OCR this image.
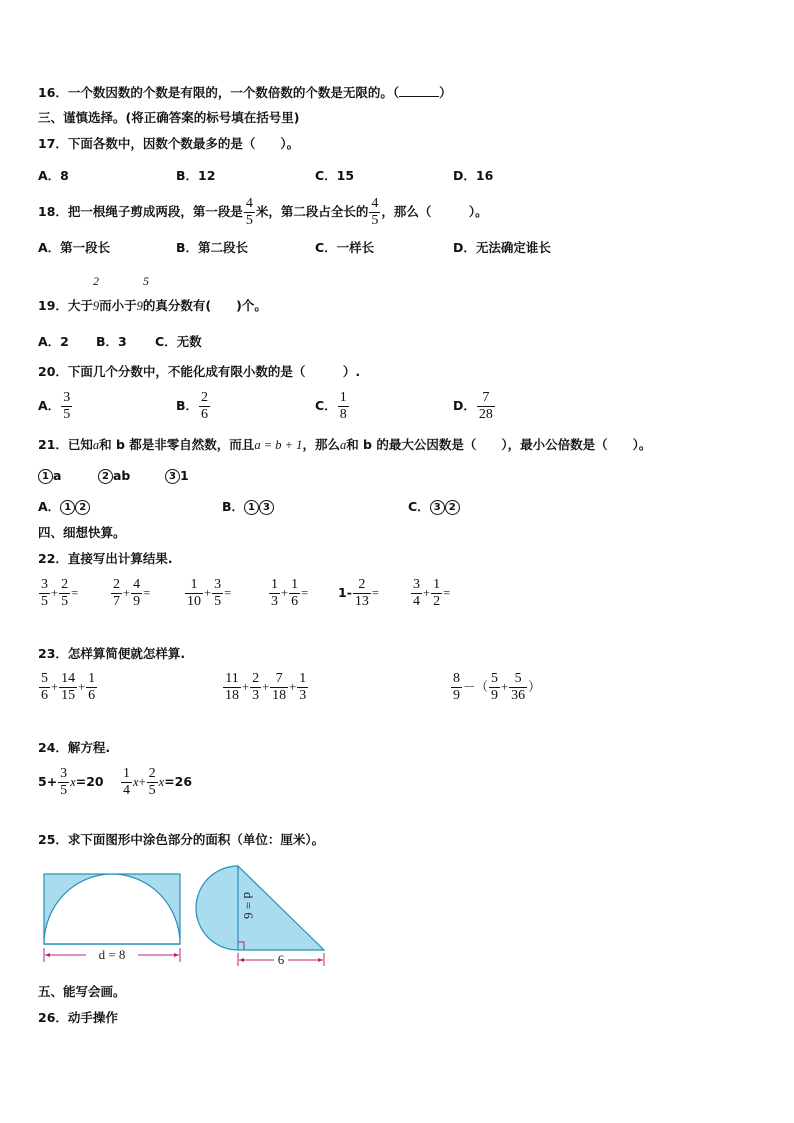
16．一个数因数的个数是有限的，一个数倍数的个数是无限的。（	）
三、谨慎选择。(将正确答案的标号填在括号里)
17．下面各数中，因数个数最多的是（　　）。
A．8	B．12	C．15	D．16
18．把一根绳子剪成两段，第一段是 $\frac{4}{5}$ 米，第二段占全长的 $\frac{4}{5}$ ，那么（　　　）。
A．第一段长	B．第二段长	C．一样长	D．无法确定谁长
2	5
19．大于9而小于9的真分数有(　　)个。
A．2 B．3 C．无数
20．下面几个分数中，不能化成有限小数的是（　　　）.
A． $\frac{3}{5}$	B． $\frac{2}{6}$	C． $\frac{1}{8}$	D． $\frac{7}{28}$
21．已知a和 b 都是非零自然数，而且a = b + 1，那么a和 b 的最大公因数是（　　），最小公倍数是（　　）。
1 a	2 ab	3 1
A． 1 2	B． 1 3	C． 3 2
四、细想快算。
22．直接写出计算结果.
$\frac{3}{5} + \frac{2}{5} = \frac{2}{7} + \frac{4}{9} = \frac{1}{10} + \frac{3}{5}$ =	$\frac{1}{3} + \frac{1}{6} = 1- \frac{2}{13} = \frac{3}{4} + \frac{1}{2}$ =
23．怎样算简便就怎样算.
$\frac{5}{6} + \frac{14}{15} + \frac{1}{6}$	$\frac{11}{18} + \frac{2}{3} + \frac{7}{18} + \frac{1}{3}$	$\frac{8}{9}$ －（ $\frac{5}{9} + \frac{5}{36}$ ）
24．解方程.
$5+ \frac{3}{5} x=20 \frac{1}{4} x+ \frac{2}{5} x=26$
25．求下面图形中涂色部分的面积（单位：厘米）。
d = 8
d = 6
6
五、能写会画。
26．动手操作
